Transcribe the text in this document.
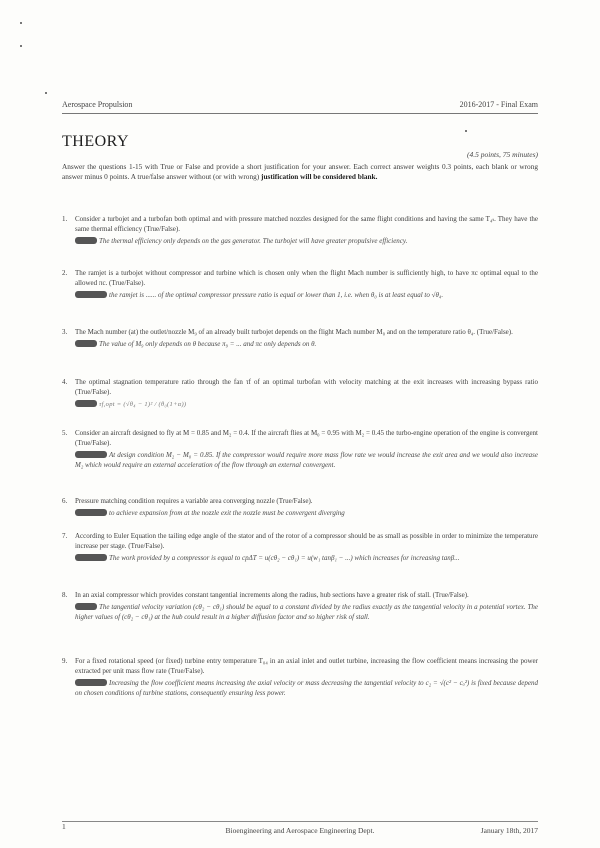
Aerospace Propulsion	2016-2017 - Final Exam
THEORY
(4.5 points, 75 minutes)
Answer the questions 1-15 with True or False and provide a short justification for your answer. Each correct answer weights 0.3 points, each blank or wrong answer minus 0 points. A true/false answer without (or with wrong) justification will be considered blank.
1. Consider a turbojet and a turbofan both optimal and with pressure matched nozzles designed for the same flight conditions and having the same T₄ₜ. They have the same thermal efficiency (True/False).
The thermal efficiency only depends on the gas generator. The turbojet will have greater propulsive efficiency.
2. The ramjet is a turbojet without compressor and turbine which is chosen only when the flight Mach number is sufficiently high, to have πc optimal equal to the allowed πc. (True/False).
the ramjet is ...... of the optimal compressor pressure ratio is equal or lower than 1, i.e. when θ₀ is at least equal to √θ₄.
3. The Mach number (at) the outlet/nozzle M₉ of an already built turbojet depends on the flight Mach number M₀ and on the temperature ratio θ₄. (True/False).
The value of M₉ only depends on θ because π₉ = ... and πc only depends on θ.
4. The optimal stagnation temperature ratio through the fan τf of an optimal turbofan with velocity matching at the exit increases with increasing bypass ratio (True/False).
τf,opt = (√θ₄ − 1)² / (θ₀(1+α))
5. Consider an aircraft designed to fly at M = 0.85 and M₂ = 0.4. If the aircraft flies at M₀ = 0.95 with M₂ = 0.45 the turbo-engine operation of the engine is convergent (True/False).
At design condition M₂ − M₀ = 0.85. If the compressor would require more mass flow rate we would increase the exit area and we would also increase M₂ which would require an external acceleration of the flow through an external convergent.
6. Pressure matching condition requires a variable area converging nozzle (True/False).
to achieve expansion from at the nozzle exit the nozzle must be convergent diverging
7. According to Euler Equation the tailing edge angle of the stator and of the rotor of a compressor should be as small as possible in order to minimize the temperature increase per stage. (True/False).
The work provided by a compressor is equal to cpΔT = u(cθ₂ − cθ₁) = u(w₁ tanβ₁ − ...) which increases for increasing tanβ...
8. In an axial compressor which provides constant tangential increments along the radius, hub sections have a greater risk of stall. (True/False).
The tangential velocity variation (cθ₂ − cθ₁) should be equal to a constant divided by the radius exactly as the tangential velocity in a potential vortex. The higher values of (cθ₂ − cθ₁) at the hub could result in a higher diffusion factor and so higher risk of stall.
9. For a fixed rotational speed (or fixed) turbine entry temperature T₀₄ in an axial inlet and outlet turbine, increasing the flow coefficient means increasing the power extracted per unit mass flow rate (True/False).
Increasing the flow coefficient means increasing the axial velocity or mass decreasing the tangential velocity to c₂ = √(c² − cₐ²) is fixed because depend on chosen conditions of turbine stations, consequently ensuring less power.
1	Bioengineering and Aerospace Engineering Dept.	January 18th, 2017
